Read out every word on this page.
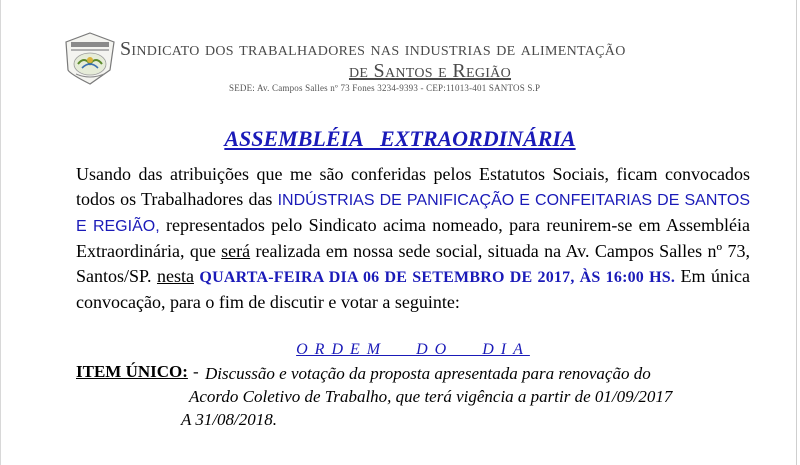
Sindicato dos trabalhadores nas industrias de alimentação
de Santos e Região
SEDE: Av. Campos Salles nº 73 Fones 3234-9393 - CEP:11013-401 SANTOS S.P
ASSEMBLÉIA EXTRAORDINÁRIA
Usando das atribuições que me são conferidas pelos Estatutos Sociais, ficam convocados todos os Trabalhadores das INDÚSTRIAS DE PANIFICAÇÃO E CONFEITARIAS DE SANTOS E REGIÃO, representados pelo Sindicato acima nomeado, para reunirem-se em Assembléia Extraordinária, que será realizada em nossa sede social, situada na Av. Campos Salles nº 73, Santos/SP. nesta QUARTA-FEIRA DIA 06 DE SETEMBRO DE 2017, ÀS 16:00 HS. Em única convocação, para o fim de discutir e votar a seguinte:
ORDEM DO DIA
ITEM ÚNICO: - Discussão e votação da proposta apresentada para renovação do
Acordo Coletivo de Trabalho, que terá vigência a partir de 01/09/2017
A 31/08/2018.
